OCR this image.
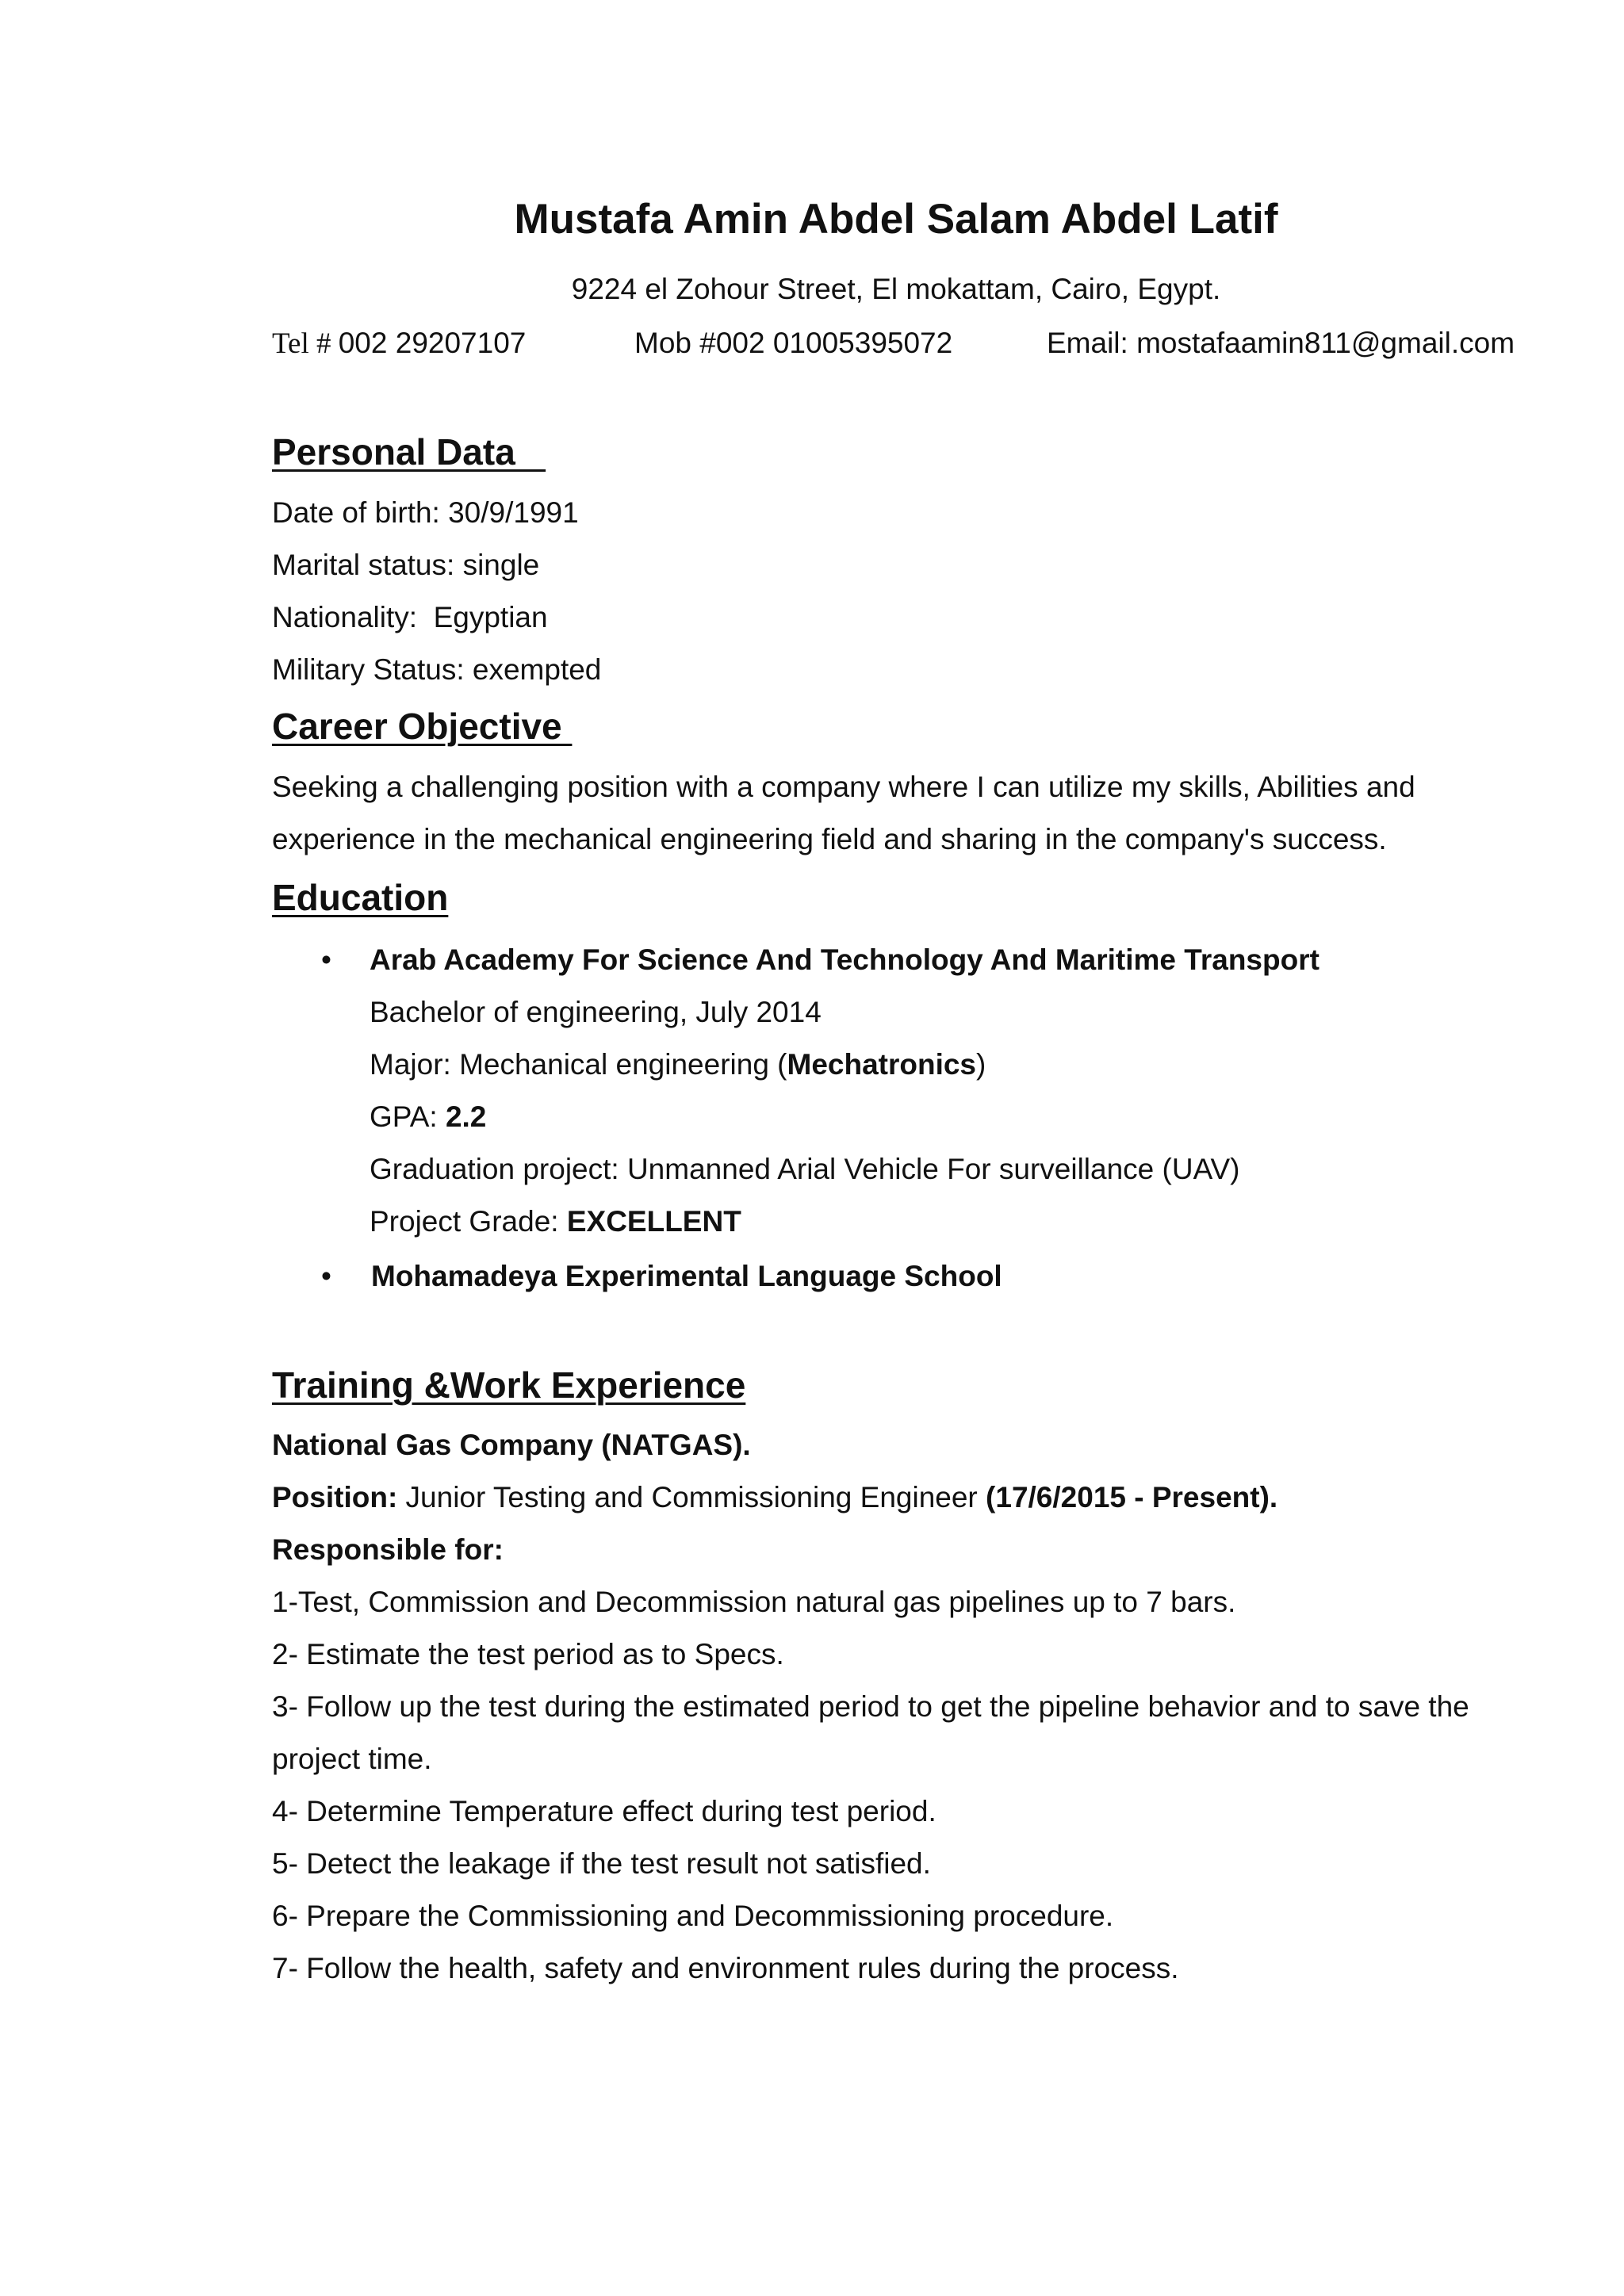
Mustafa Amin Abdel Salam Abdel Latif
9224 el Zohour Street, El mokattam, Cairo, Egypt.
Tel # 002 29207107	Mob #002 01005395072	Email: mostafaamin811@gmail.com
Personal Data
Date of birth: 30/9/1991
Marital status: single
Nationality:  Egyptian
Military Status: exempted
Career Objective
Seeking a challenging position with a company where I can utilize my skills, Abilities and
experience in the mechanical engineering field and sharing in the company's success.
Education
• Arab Academy For Science And Technology And Maritime Transport
Bachelor of engineering, July 2014
Major: Mechanical engineering (Mechatronics)
GPA: 2.2
Graduation project: Unmanned Arial Vehicle For surveillance (UAV)
Project Grade: EXCELLENT
• Mohamadeya Experimental Language School
Training &Work Experience
National Gas Company (NATGAS).
Position: Junior Testing and Commissioning Engineer (17/6/2015 - Present).
Responsible for:
1-Test, Commission and Decommission natural gas pipelines up to 7 bars.
2- Estimate the test period as to Specs.
3- Follow up the test during the estimated period to get the pipeline behavior and to save the
project time.
4- Determine Temperature effect during test period.
5- Detect the leakage if the test result not satisfied.
6- Prepare the Commissioning and Decommissioning procedure.
7- Follow the health, safety and environment rules during the process.
